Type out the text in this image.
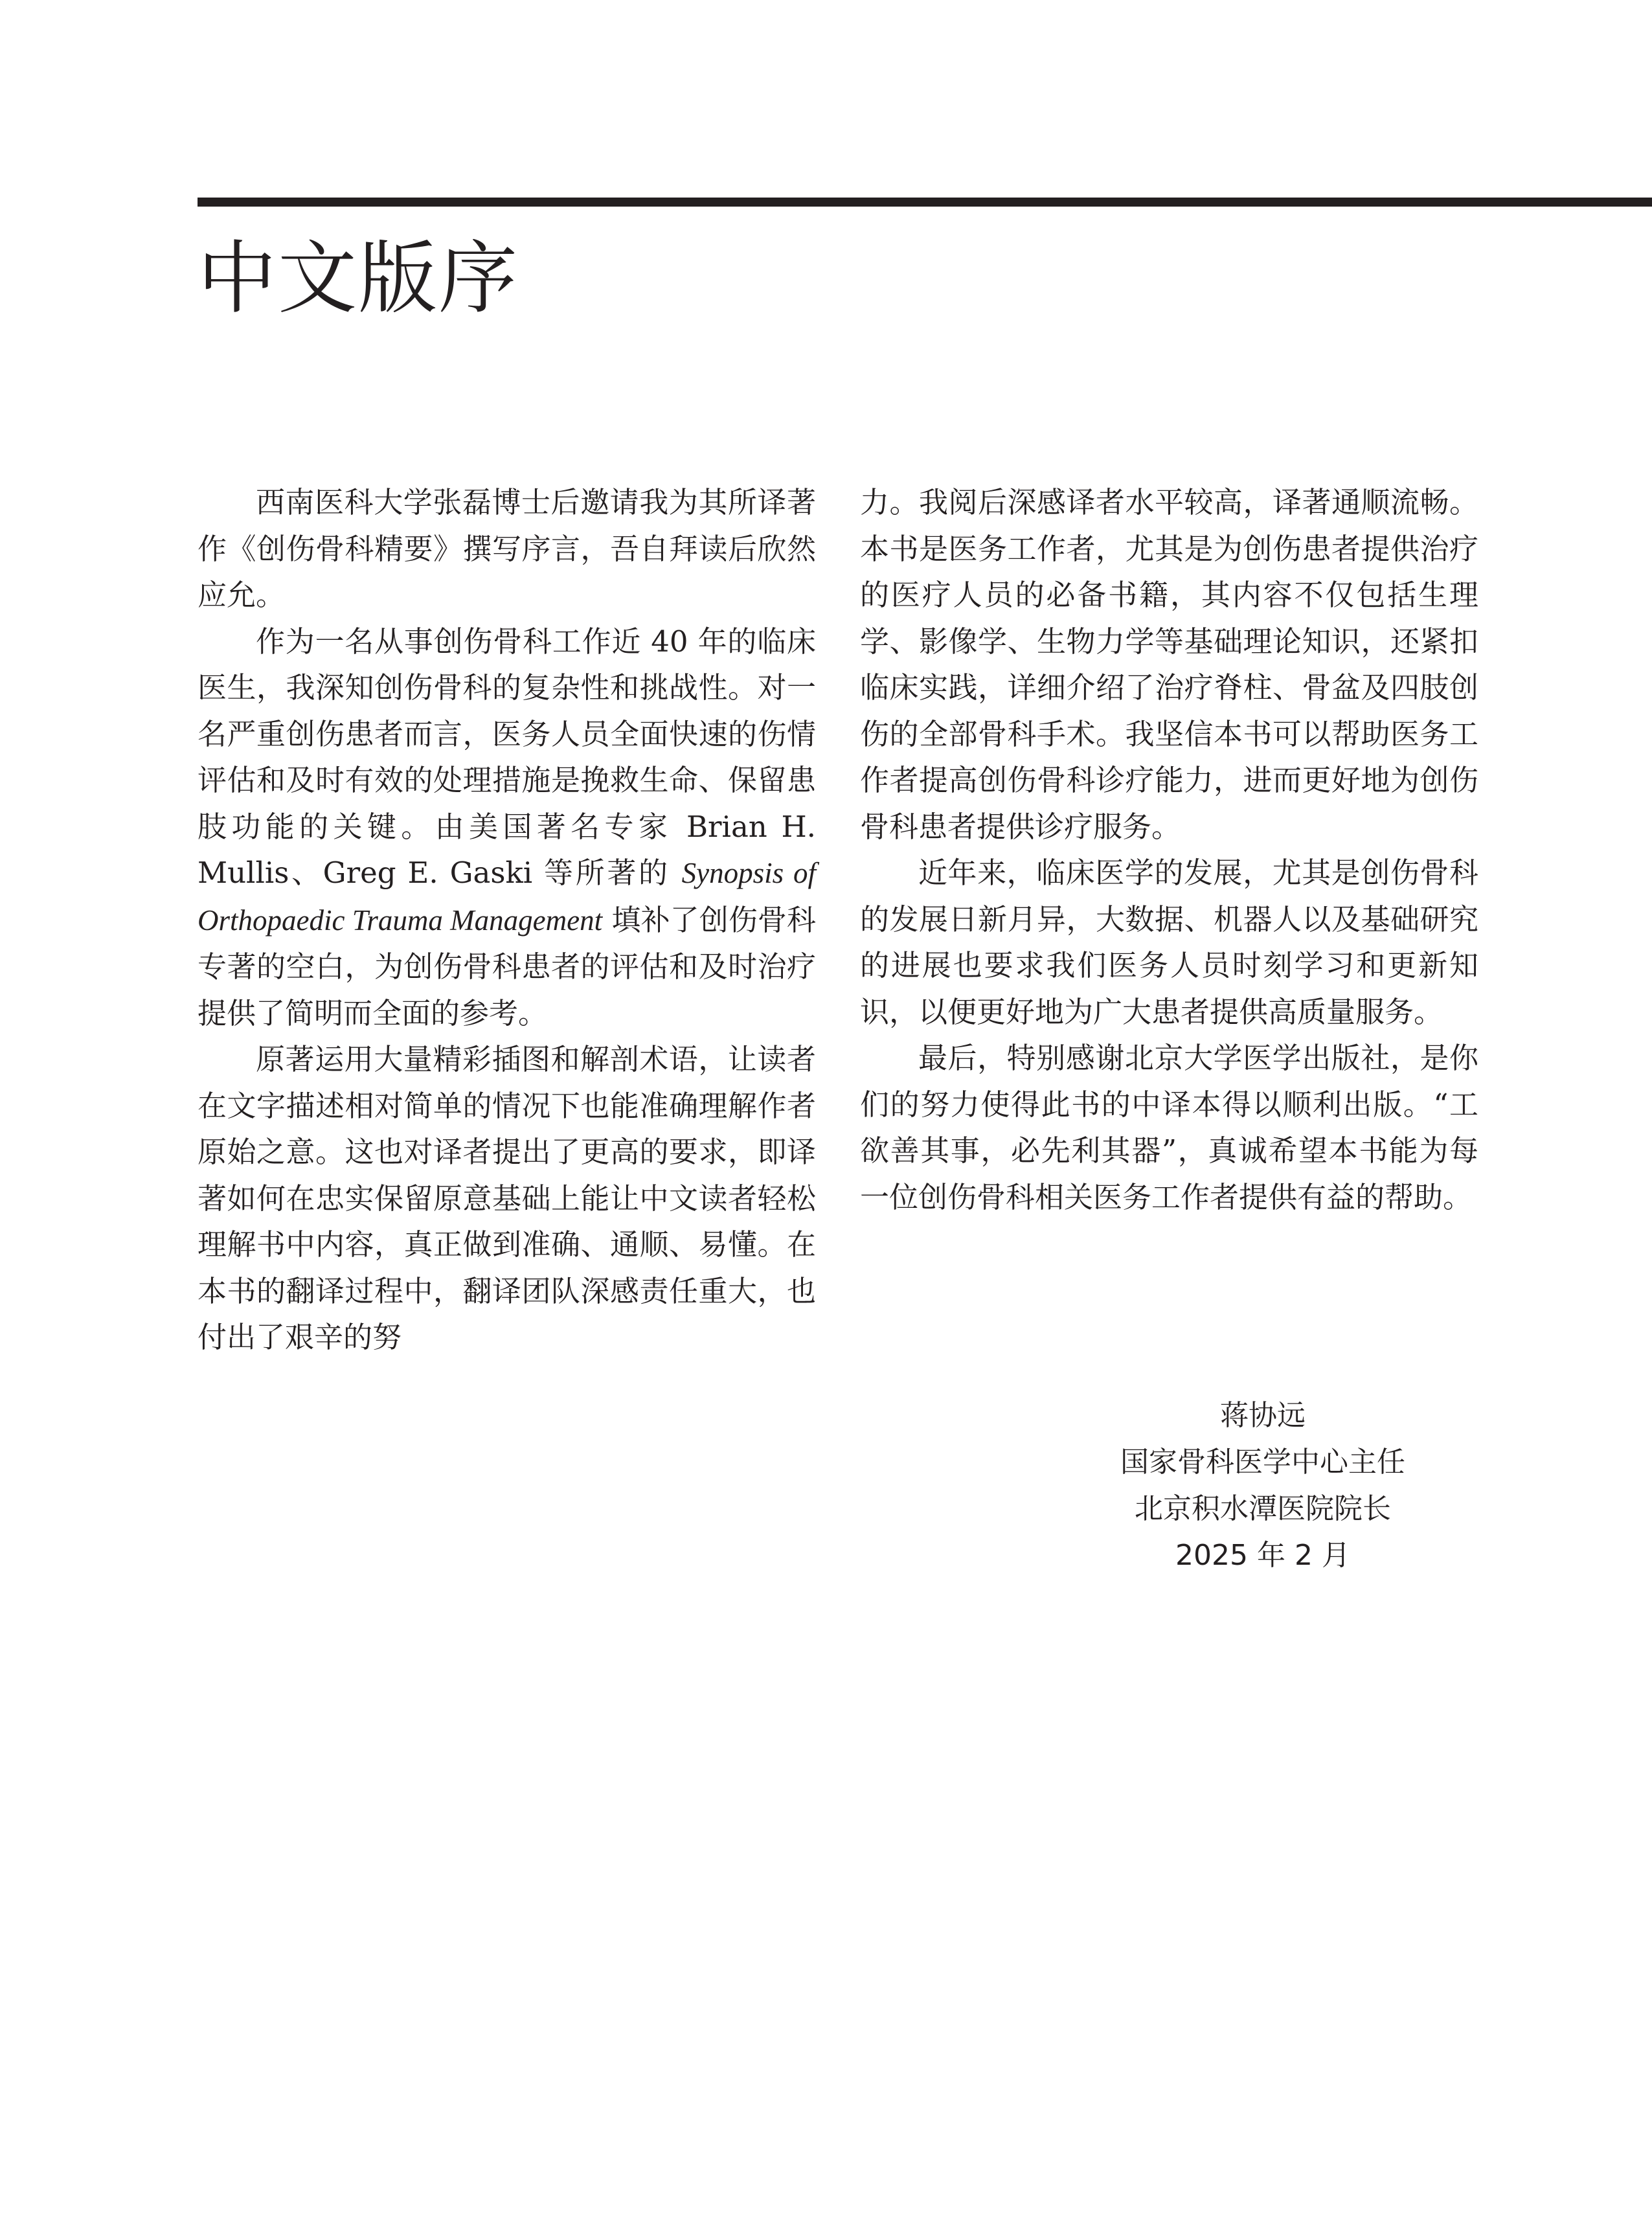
中文版序

西南医科大学张磊博士后邀请我为其所译著作《创伤骨科精要》撰写序言，吾自拜读后欣然应允。

作为一名从事创伤骨科工作近 40 年的临床医生，我深知创伤骨科的复杂性和挑战性。对一名严重创伤患者而言，医务人员全面快速的伤情评估和及时有效的处理措施是挽救生命、保留患肢功能的关键。由美国著名专家 Brian H. Mullis、Greg E. Gaski 等所著的 Synopsis of Orthopaedic Trauma Management 填补了创伤骨科专著的空白，为创伤骨科患者的评估和及时治疗提供了简明而全面的参考。

原著运用大量精彩插图和解剖术语，让读者在文字描述相对简单的情况下也能准确理解作者原始之意。这也对译者提出了更高的要求，即译著如何在忠实保留原意基础上能让中文读者轻松理解书中内容，真正做到准确、通顺、易懂。在本书的翻译过程中，翻译团队深感责任重大，也付出了艰辛的努

力。我阅后深感译者水平较高，译著通顺流畅。本书是医务工作者，尤其是为创伤患者提供治疗的医疗人员的必备书籍，其内容不仅包括生理学、影像学、生物力学等基础理论知识，还紧扣临床实践，详细介绍了治疗脊柱、骨盆及四肢创伤的全部骨科手术。我坚信本书可以帮助医务工作者提高创伤骨科诊疗能力，进而更好地为创伤骨科患者提供诊疗服务。

近年来，临床医学的发展，尤其是创伤骨科的发展日新月异，大数据、机器人以及基础研究的进展也要求我们医务人员时刻学习和更新知识，以便更好地为广大患者提供高质量服务。

最后，特别感谢北京大学医学出版社，是你们的努力使得此书的中译本得以顺利出版。“工欲善其事，必先利其器”，真诚希望本书能为每一位创伤骨科相关医务工作者提供有益的帮助。

蒋协远
国家骨科医学中心主任
北京积水潭医院院长
2025 年 2 月
